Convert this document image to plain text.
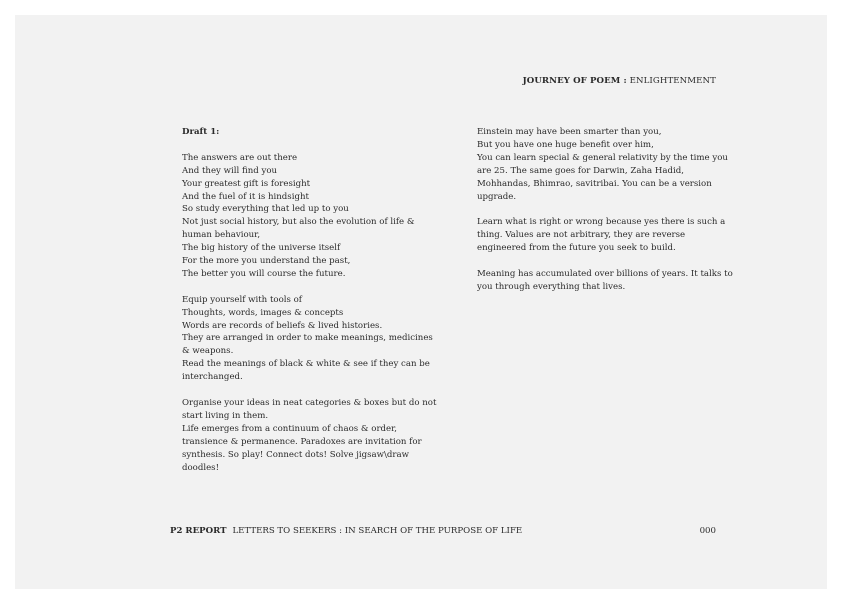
JOURNEY OF POEM : ENLIGHTENMENT

Draft 1:

The answers are out there
And they will find you
Your greatest gift is foresight
And the fuel of it is hindsight
So study everything that led up to you
Not just social history, but also the evolution of life &
human behaviour,
The big history of the universe itself
For the more you understand the past,
The better you will course the future.

Equip yourself with tools of
Thoughts, words, images & concepts
Words are records of beliefs & lived histories.
They are arranged in order to make meanings, medicines
& weapons.
Read the meanings of black & white & see if they can be
interchanged.

Organise your ideas in neat categories & boxes but do not
start living in them.
Life emerges from a continuum of chaos & order,
transience & permanence. Paradoxes are invitation for
synthesis. So play! Connect dots! Solve jigsaw\draw
doodles!

Einstein may have been smarter than you,
But you have one huge benefit over him,
You can learn special & general relativity by the time you
are 25. The same goes for Darwin, Zaha Hadid,
Mohhandas, Bhimrao, savitribai. You can be a version
upgrade.

Learn what is right or wrong because yes there is such a
thing. Values are not arbitrary, they are reverse
engineered from the future you seek to build.

Meaning has accumulated over billions of years. It talks to
you through everything that lives.

P2 REPORT LETTERS TO SEEKERS : IN SEARCH OF THE PURPOSE OF LIFE	000
